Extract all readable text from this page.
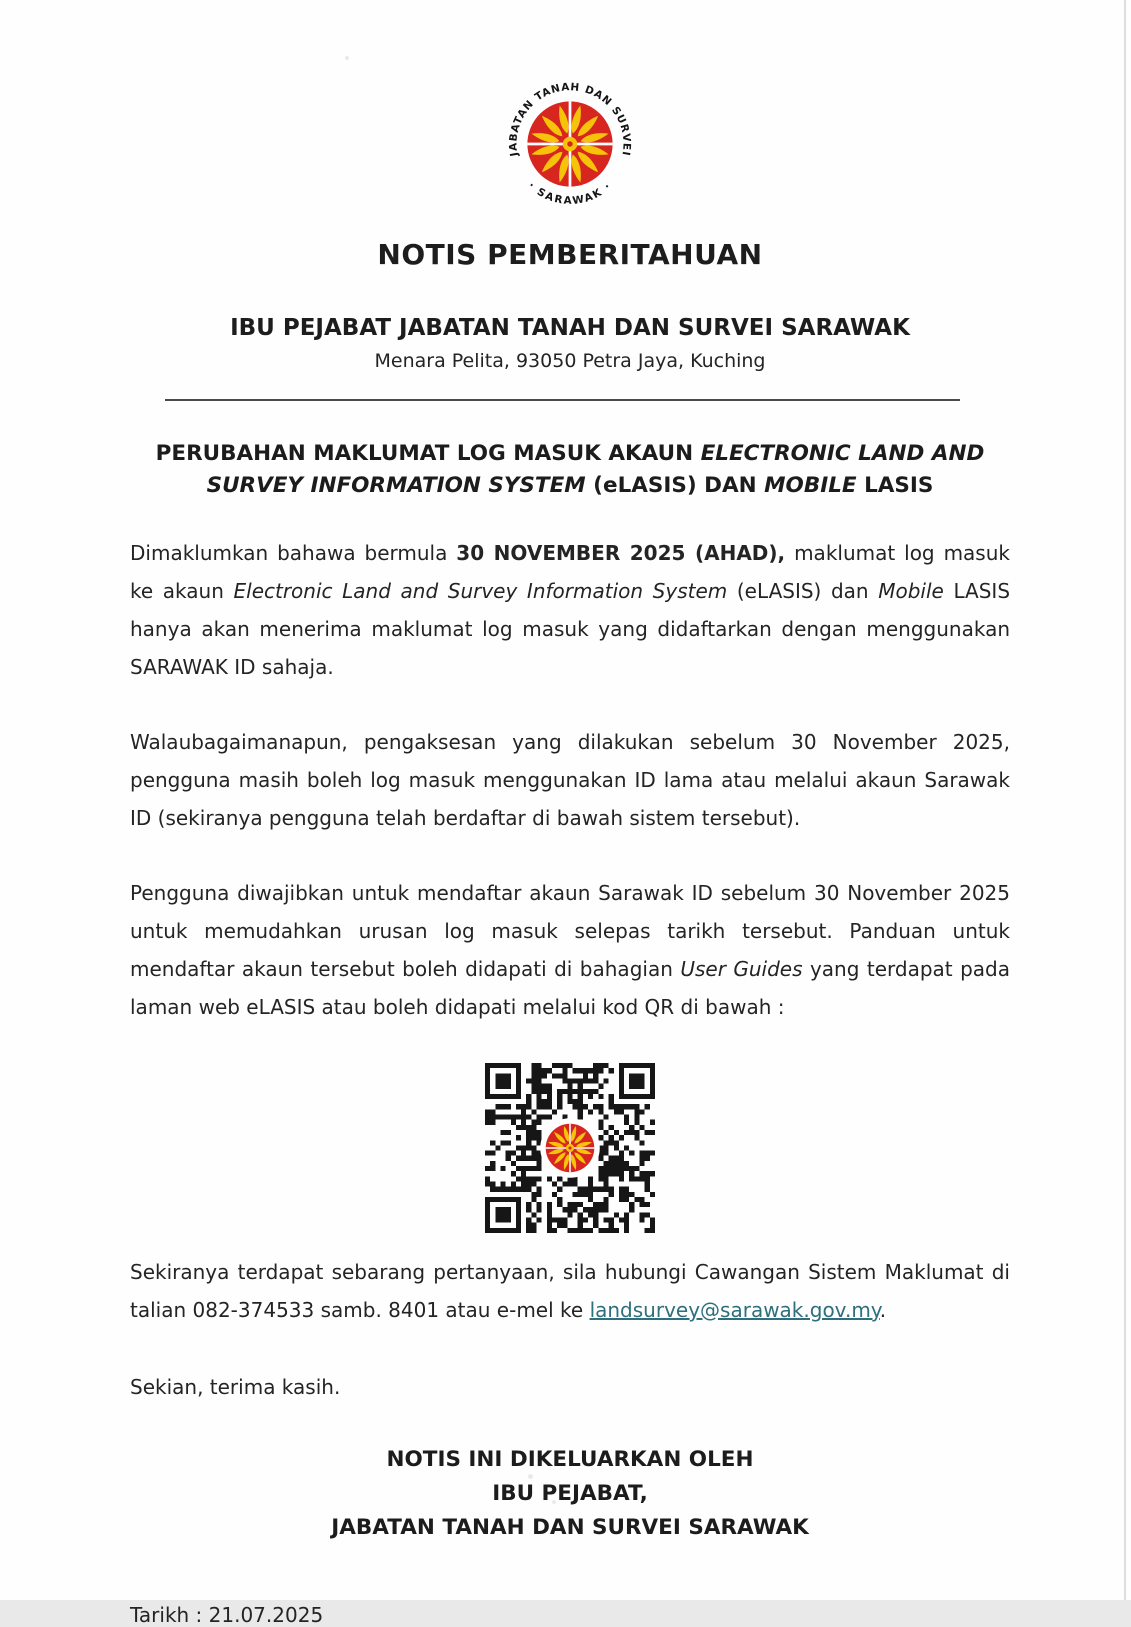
JABATAN TANAH DAN SURVEI
· SARAWAK ·
NOTIS PEMBERITAHUAN
IBU PEJABAT JABATAN TANAH DAN SURVEI SARAWAK
Menara Pelita, 93050 Petra Jaya, Kuching
PERUBAHAN MAKLUMAT LOG MASUK AKAUN ELECTRONIC LAND AND SURVEY INFORMATION SYSTEM (eLASIS) DAN MOBILE LASIS

Dimaklumkan bahawa bermula 30 NOVEMBER 2025 (AHAD), maklumat log masuk ke akaun Electronic Land and Survey Information System (eLASIS) dan Mobile LASIS hanya akan menerima maklumat log masuk yang didaftarkan dengan menggunakan SARAWAK ID sahaja.

Walaubagaimanapun, pengaksesan yang dilakukan sebelum 30 November 2025, pengguna masih boleh log masuk menggunakan ID lama atau melalui akaun Sarawak ID (sekiranya pengguna telah berdaftar di bawah sistem tersebut).

Pengguna diwajibkan untuk mendaftar akaun Sarawak ID sebelum 30 November 2025 untuk memudahkan urusan log masuk selepas tarikh tersebut. Panduan untuk mendaftar akaun tersebut boleh didapati di bahagian User Guides yang terdapat pada laman web eLASIS atau boleh didapati melalui kod QR di bawah :

Sekiranya terdapat sebarang pertanyaan, sila hubungi Cawangan Sistem Maklumat di talian 082-374533 samb. 8401 atau e-mel ke landsurvey@sarawak.gov.my.

Sekian, terima kasih.
NOTIS INI DIKELUARKAN OLEH
IBU PEJABAT,
JABATAN TANAH DAN SURVEI SARAWAK
Tarikh : 21.07.2025
